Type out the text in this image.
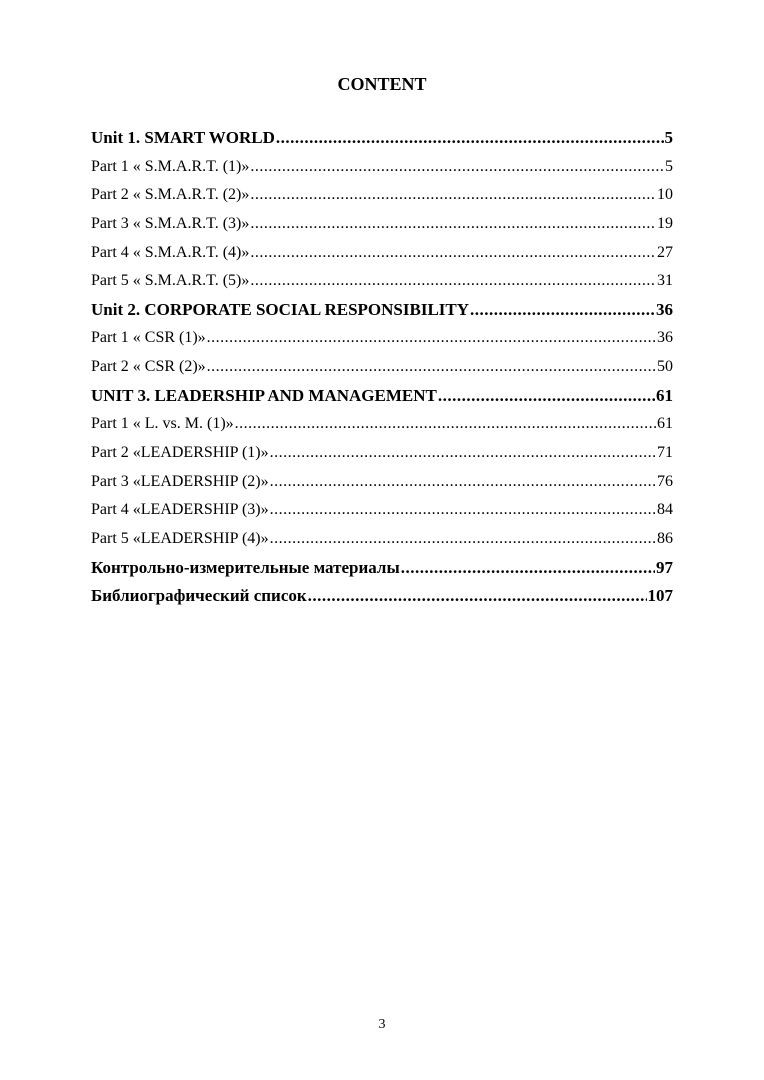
CONTENT
Unit 1. SMART WORLD .....	5
Part 1 « S.M.A.R.T. (1)» .....	5
Part 2 « S.M.A.R.T. (2)» .....	10
Part 3 « S.M.A.R.T. (3)» .....	19
Part 4 « S.M.A.R.T. (4)» .....	27
Part 5 « S.M.A.R.T. (5)» .....	31
Unit 2. CORPORATE SOCIAL RESPONSIBILITY .....	36
Part 1 « CSR (1)» .....	36
Part 2 « CSR (2)» .....	50
UNIT 3. LEADERSHIP AND MANAGEMENT .....	61
Part 1 « L. vs. M. (1)» .....	61
Part 2 «LEADERSHIP (1)» .....	71
Part 3 «LEADERSHIP (2)» .....	76
Part 4 «LEADERSHIP (3)» .....	84
Part 5 «LEADERSHIP (4)» .....	86
Контрольно-измерительные материалы .....	97
Библиографический список .....	107
3
